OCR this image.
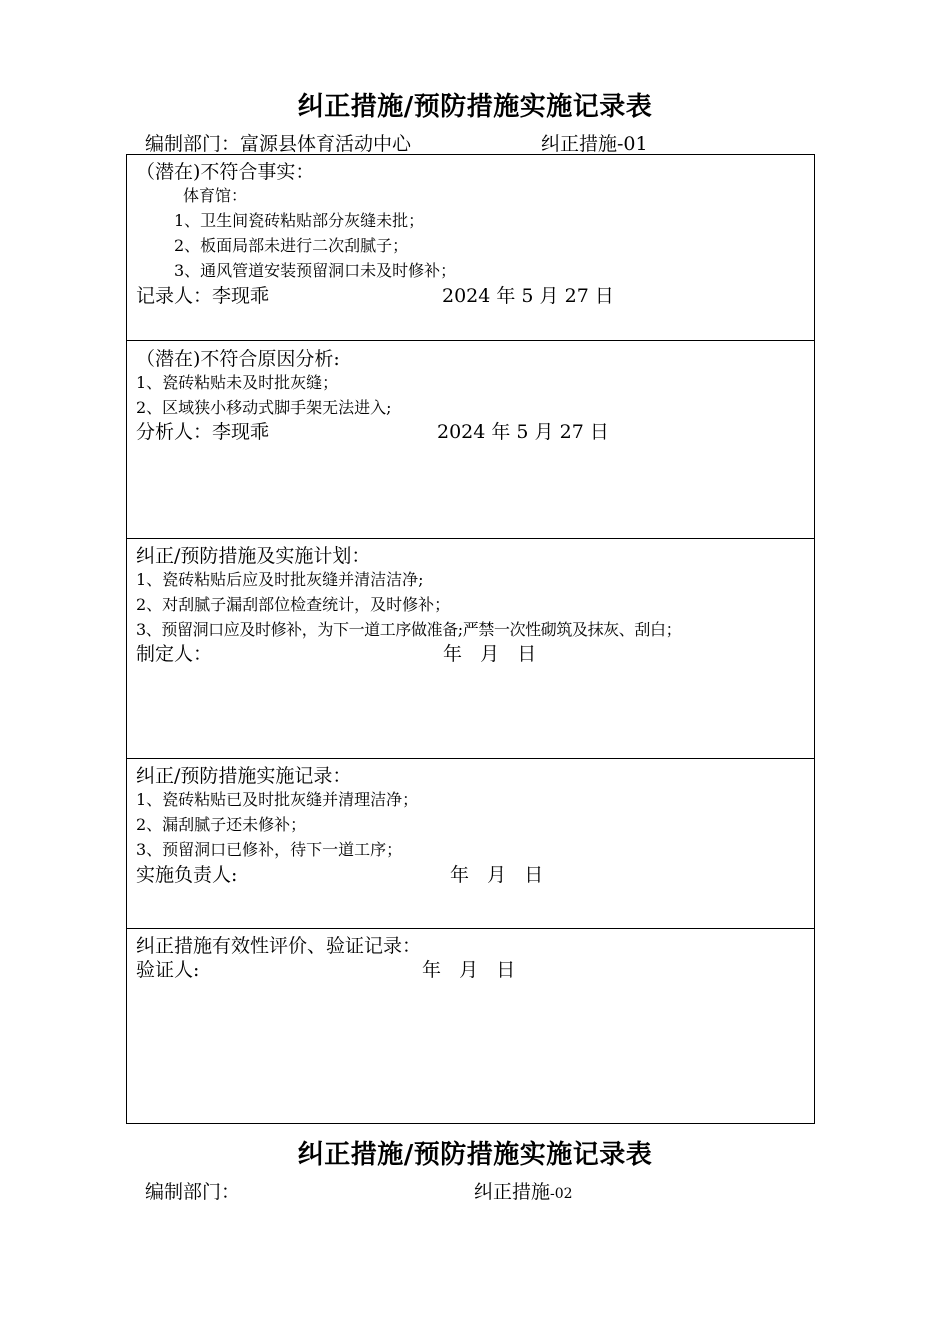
纠正措施/预防措施实施记录表
编制部门：富源县体育活动中心	纠正措施-01
（潜在)不符合事实：
体育馆：
1、卫生间瓷砖粘贴部分灰缝未批；
2、板面局部未进行二次刮腻子；
3、通风管道安装预留洞口未及时修补；
记录人：李现乖	2024 年 5 月 27 日
（潜在)不符合原因分析:
1、瓷砖粘贴未及时批灰缝；
2、区域狭小移动式脚手架无法进入;
分析人：李现乖	2024 年 5 月 27 日
纠正/预防措施及实施计划：
1、瓷砖粘贴后应及时批灰缝并清洁洁净;
2、对刮腻子漏刮部位检查统计，及时修补；
3、预留洞口应及时修补，为下一道工序做准备;严禁一次性砌筑及抹灰、刮白；
制定人：	年   月   日
纠正/预防措施实施记录：
1、瓷砖粘贴已及时批灰缝并清理洁净；
2、漏刮腻子还未修补；
3、预留洞口已修补，待下一道工序；
实施负责人:	年   月   日
纠正措施有效性评价、验证记录：
验证人:	年   月   日
纠正措施/预防措施实施记录表
编制部门：	纠正措施-02
